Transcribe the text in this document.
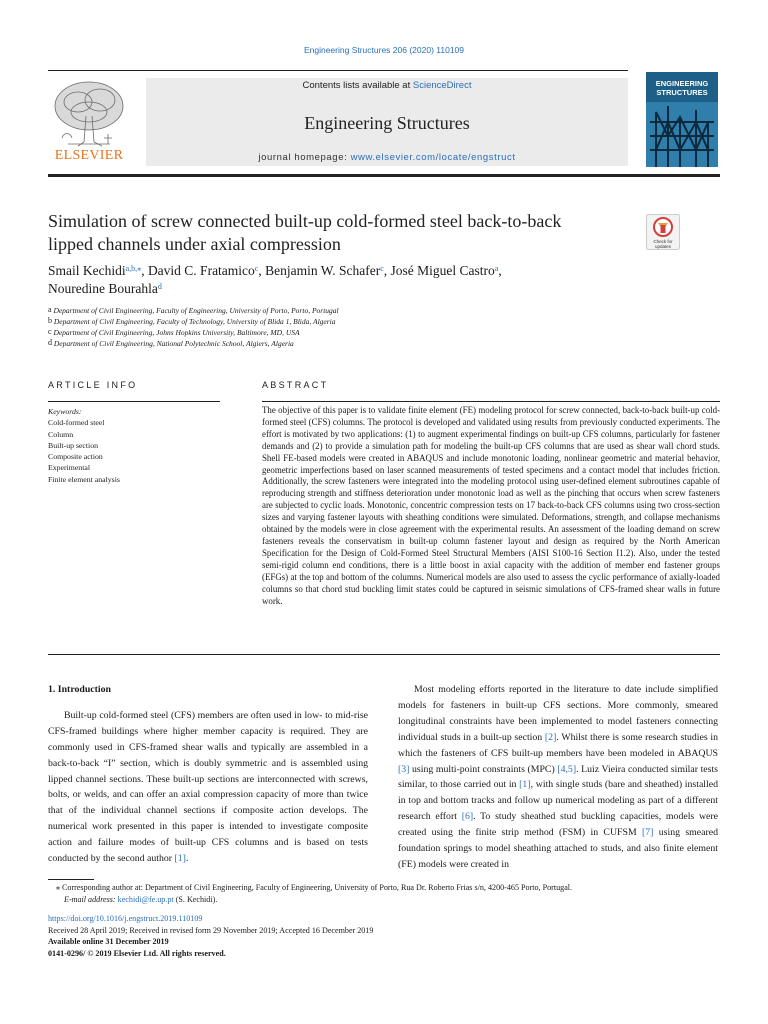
Engineering Structures 206 (2020) 110109
ELSEVIER
Contents lists available at ScienceDirect
Engineering Structures
journal homepage: www.elsevier.com/locate/engstruct
ENGINEERING
STRUCTURES
Simulation of screw connected built-up cold-formed steel back-to-back
lipped channels under axial compression	Check for
updates
Smail Kechidi$^{a,b,⁎}$, David C. Fratamico$^c$, Benjamin W. Schafer$^c$, José Miguel Castro$^a$,
Nouredine Bourahla$^d$
$^a$ Department of Civil Engineering, Faculty of Engineering, University of Porto, Porto, Portugal
$^b$ Department of Civil Engineering, Faculty of Technology, University of Blida 1, Blida, Algeria
$^c$ Department of Civil Engineering, Johns Hopkins University, Baltimore, MD, USA
$^d$ Department of Civil Engineering, National Polytechnic School, Algiers, Algeria
ARTICLE INFO	ABSTRACT
Keywords:
Cold-formed steel
Column
Built-up section
Composite action
Experimental
Finite element analysis
The objective of this paper is to validate finite element (FE) modeling protocol for screw connected, back-to-back built-up cold-formed steel (CFS) columns. The protocol is developed and validated using results from previously conducted experiments. The effort is motivated by two applications: (1) to augment experimental findings on built-up CFS columns, particularly for fastener demands and (2) to provide a simulation path for modeling the built-up CFS columns that are used as shear wall chord studs. Shell FE-based models were created in ABAQUS and include monotonic loading, nonlinear geometric and material behavior, geometric imperfections based on laser scanned measurements of tested specimens and a contact model that includes friction. Additionally, the screw fasteners were integrated into the modeling protocol using user-defined element subroutines capable of reproducing strength and stiffness deterioration under monotonic load as well as the pinching that occurs when screw fasteners are subjected to cyclic loads. Monotonic, concentric compression tests on 17 back-to-back CFS columns using two cross-section sizes and varying fastener layouts with sheathing conditions were simulated. Deformations, strength, and collapse mechanisms obtained by the models were in close agreement with the experimental results. An assessment of the loading demand on screw fasteners reveals the conservatism in built-up column fastener layout and design as required by the North American Specification for the Design of Cold-Formed Steel Structural Members (AISI S100-16 Section I1.2). Also, under the tested semi-rigid column end conditions, there is a little boost in axial capacity with the addition of member end fastener groups (EFGs) at the top and bottom of the columns. Numerical models are also used to assess the cyclic performance of axially-loaded columns so that chord stud buckling limit states could be captured in seismic simulations of CFS-framed shear walls in future work.
1. Introduction

Built-up cold-formed steel (CFS) members are often used in low- to mid-rise CFS-framed buildings where higher member capacity is required. They are commonly used in CFS-framed shear walls and typically are assembled in a back-to-back “I” section, which is doubly symmetric and is assembled using lipped channel sections. These built-up sections are interconnected with screws, bolts, or welds, and can offer an axial compression capacity of more than twice that of the individual channel sections if composite action develops. The numerical work presented in this paper is intended to investigate composite action and failure modes of built-up CFS columns and is based on tests conducted by the second author [1].

Most modeling efforts reported in the literature to date include simplified models for fasteners in built-up CFS sections. More commonly, smeared longitudinal constraints have been implemented to model fasteners connecting individual studs in a built-up section [2]. Whilst there is some research studies in which the fasteners of CFS built-up members have been modeled in ABAQUS [3] using multi-point constraints (MPC) [4,5]. Luiz Vieira conducted similar tests similar, to those carried out in [1], with single studs (bare and sheathed) installed in top and bottom tracks and follow up numerical modeling as part of a different research effort [6]. To study sheathed stud buckling capacities, models were created using the finite strip method (FSM) in CUFSM [7] using smeared foundation springs to model sheathing attached to studs, and also finite element (FE) models were created in

⁎ Corresponding author at: Department of Civil Engineering, Faculty of Engineering, University of Porto, Rua Dr. Roberto Frias s/n, 4200-465 Porto, Portugal.
E-mail address: kechidi@fe.up.pt (S. Kechidi).
https://doi.org/10.1016/j.engstruct.2019.110109
Received 28 April 2019; Received in revised form 29 November 2019; Accepted 16 December 2019
Available online 31 December 2019
0141-0296/ © 2019 Elsevier Ltd. All rights reserved.
